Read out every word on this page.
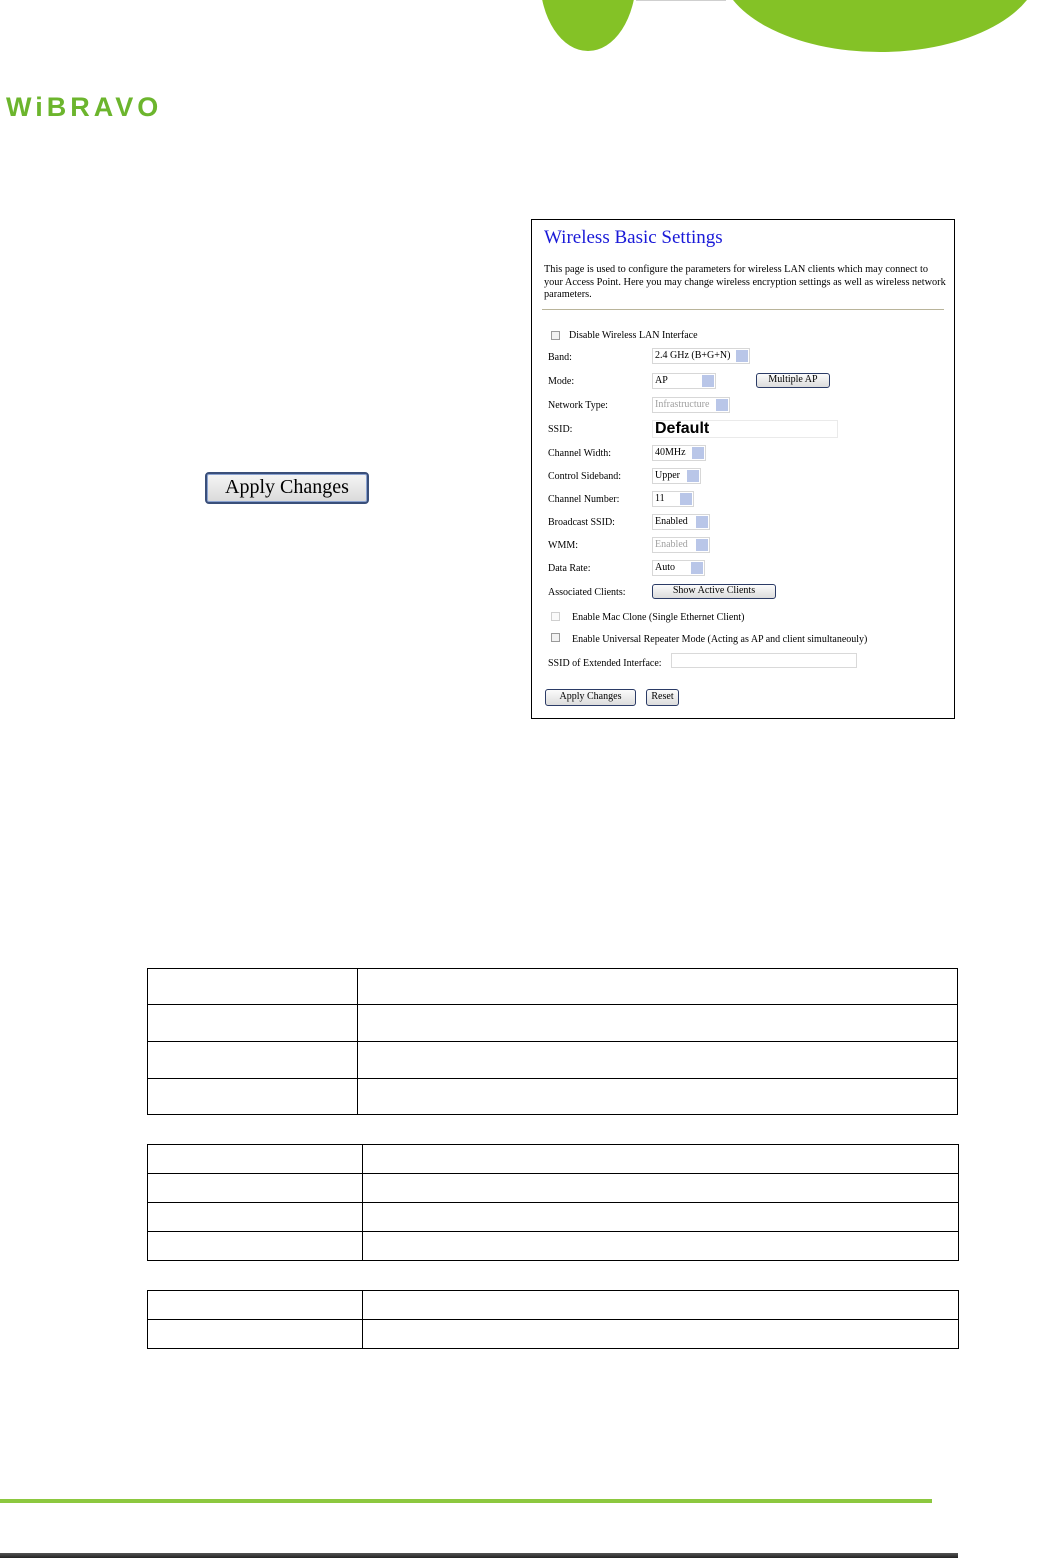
WiBRAVO
Apply Changes
Wireless Basic Settings
This page is used to configure the parameters for wireless LAN clients which may connect to your Access Point. Here you may change wireless encryption settings as well as wireless network parameters.
Disable Wireless LAN Interface
Band:	2.4 GHz (B+G+N)
Mode:	AP	Multiple AP
Network Type:	Infrastructure
SSID:	Default
Channel Width:	40MHz
Control Sideband:	Upper
Channel Number:	11
Broadcast SSID:	Enabled
WMM:	Enabled
Data Rate:	Auto
Associated Clients:	Show Active Clients
Enable Mac Clone (Single Ethernet Client)
Enable Universal Repeater Mode (Acting as AP and client simultaneouly)
SSID of Extended Interface:
Apply Changes	Reset
